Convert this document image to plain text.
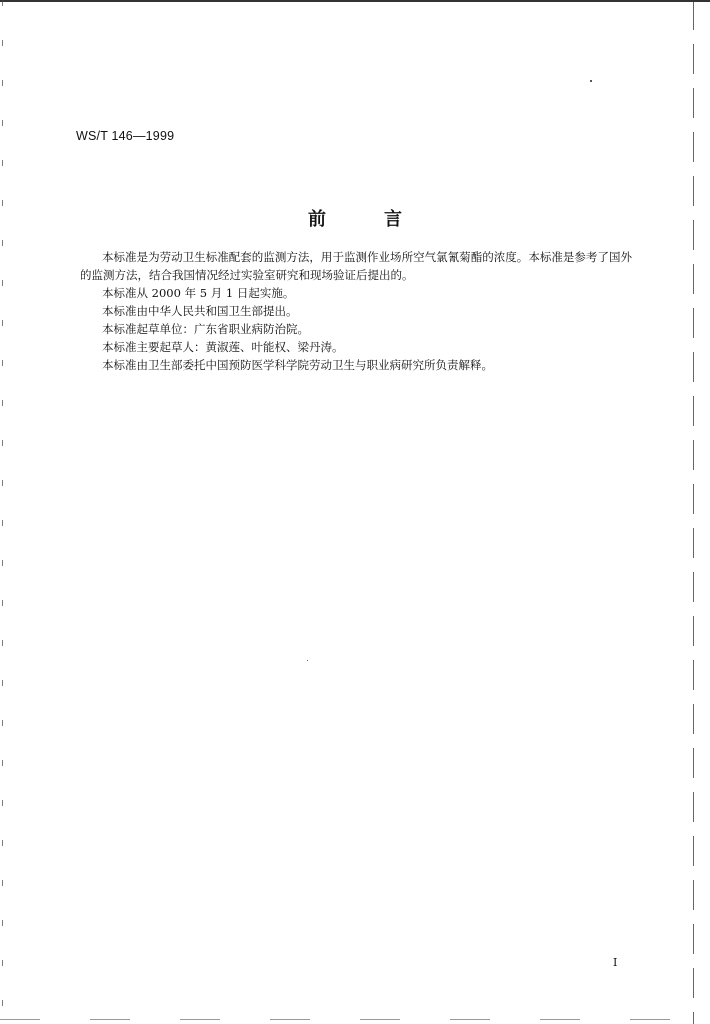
WS/T 146—1999
前	言

本标准是为劳动卫生标准配套的监测方法，用于监测作业场所空气氯氰菊酯的浓度。本标准是参考了国外的监测方法，结合我国情况经过实验室研究和现场验证后提出的。

本标准从 2000 年 5 月 1 日起实施。

本标准由中华人民共和国卫生部提出。

本标准起草单位：广东省职业病防治院。

本标准主要起草人：黄淑莲、叶能权、梁丹涛。

本标准由卫生部委托中国预防医学科学院劳动卫生与职业病研究所负责解释。

I
